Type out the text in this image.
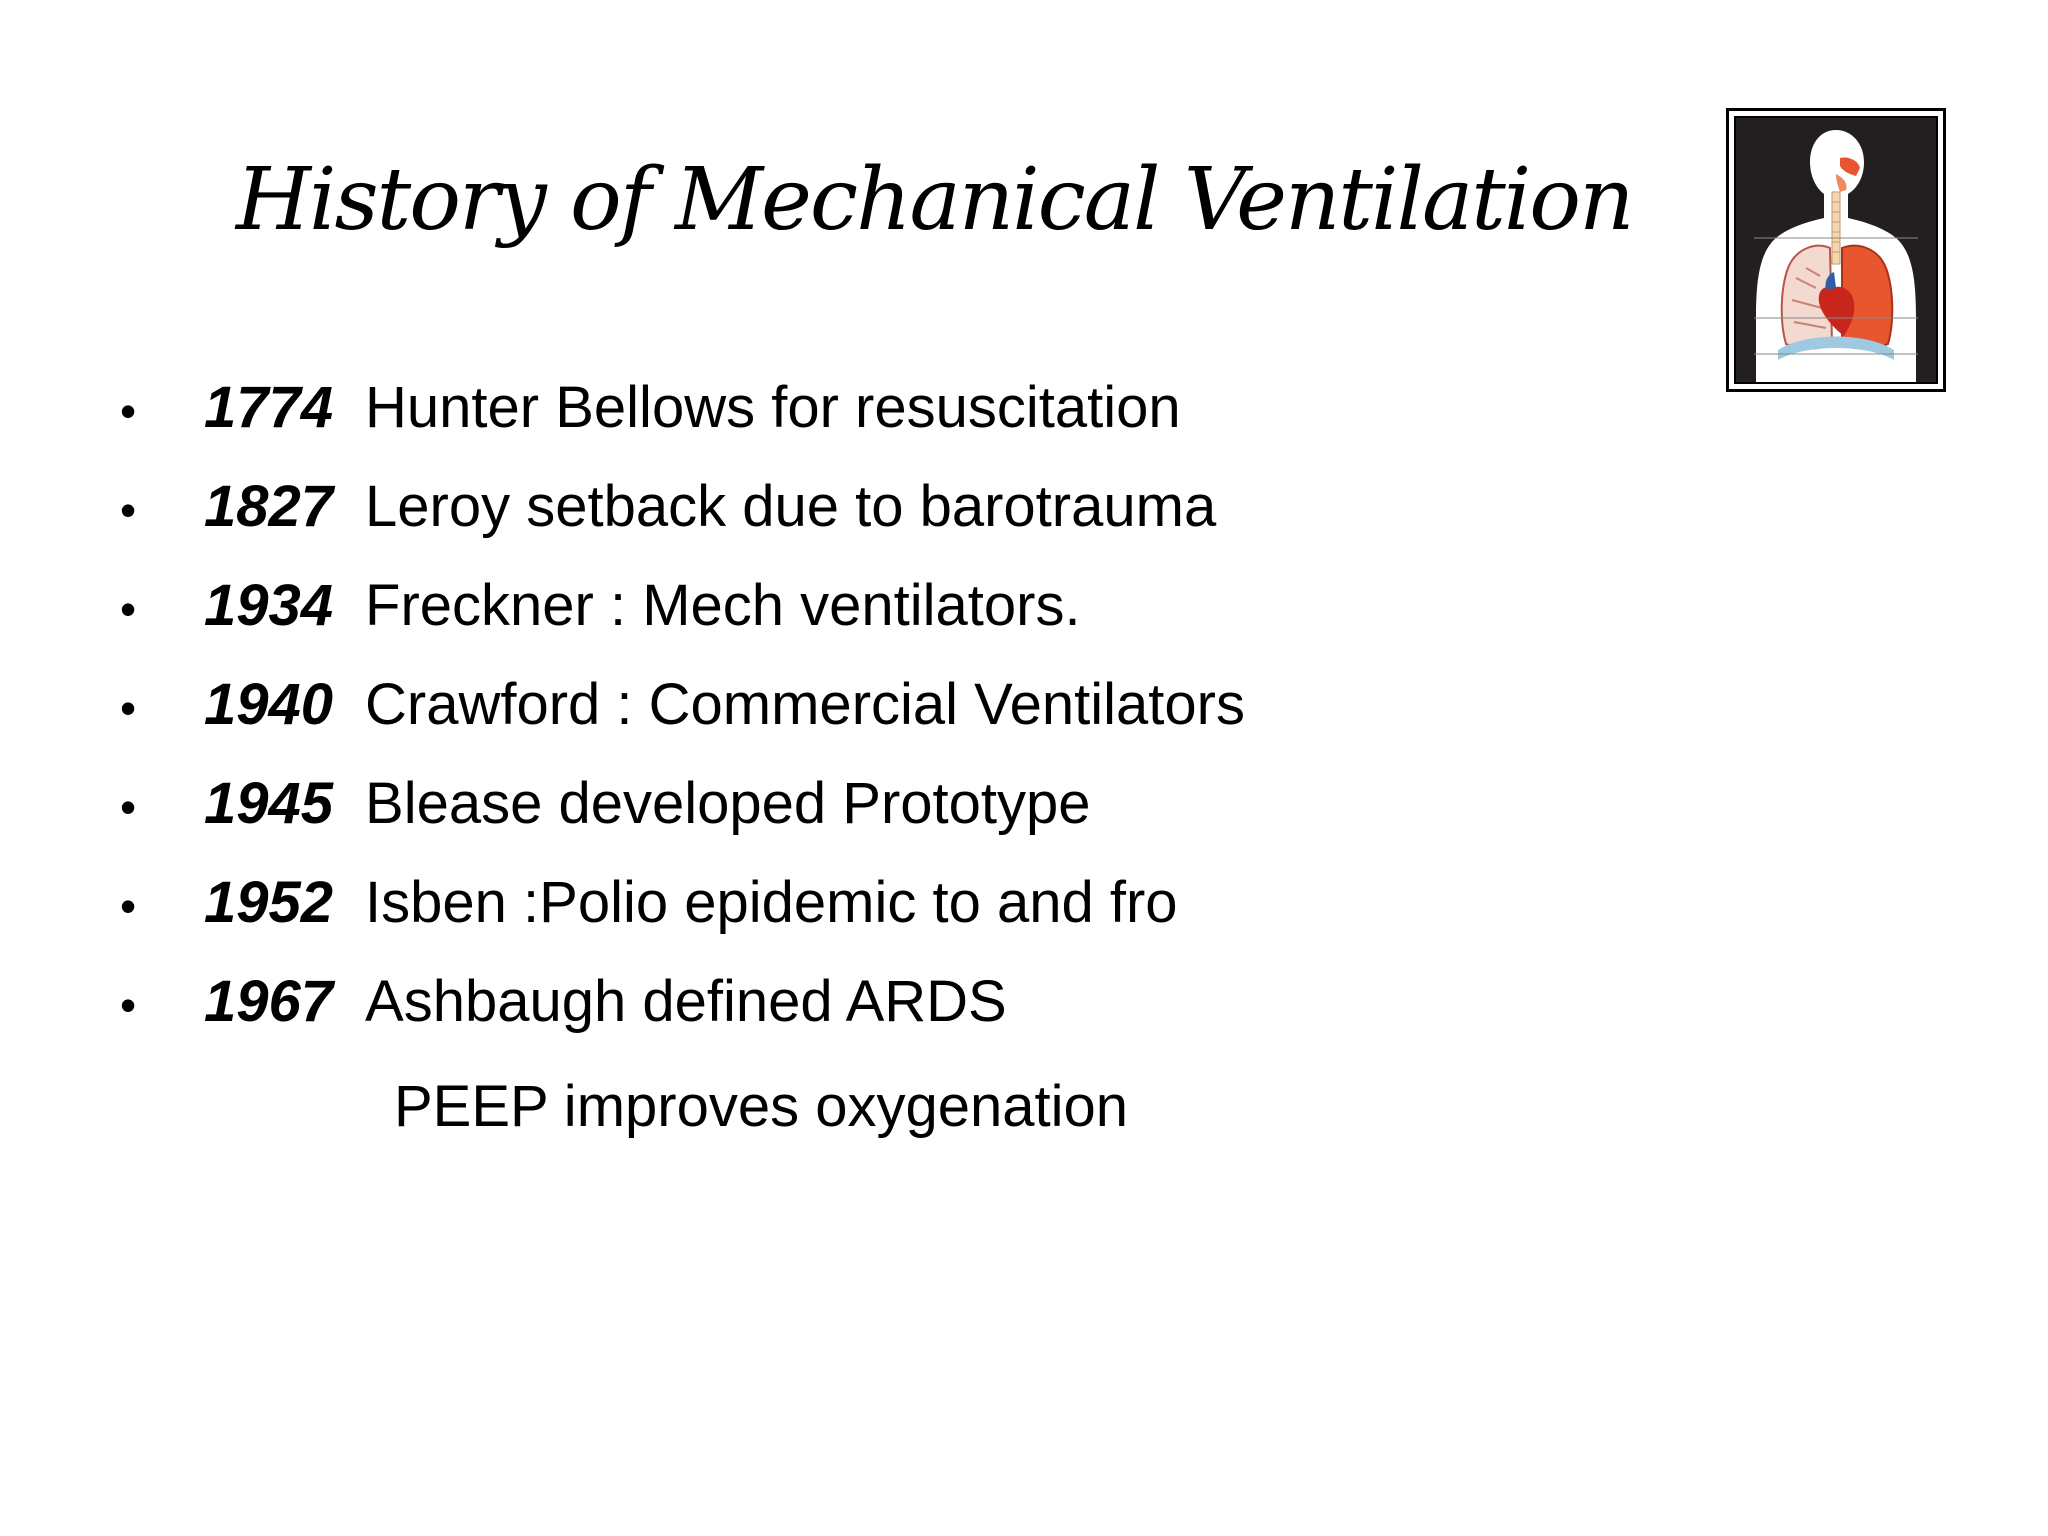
History of Mechanical Ventilation
•	1774 Hunter Bellows for resuscitation
•	1827 Leroy setback due to barotrauma
•	1934 Freckner : Mech ventilators.
•	1940 Crawford : Commercial Ventilators
•	1945 Blease developed Prototype
•	1952 Isben :Polio epidemic to and fro
•	1967 Ashbaugh defined ARDS
PEEP improves oxygenation
